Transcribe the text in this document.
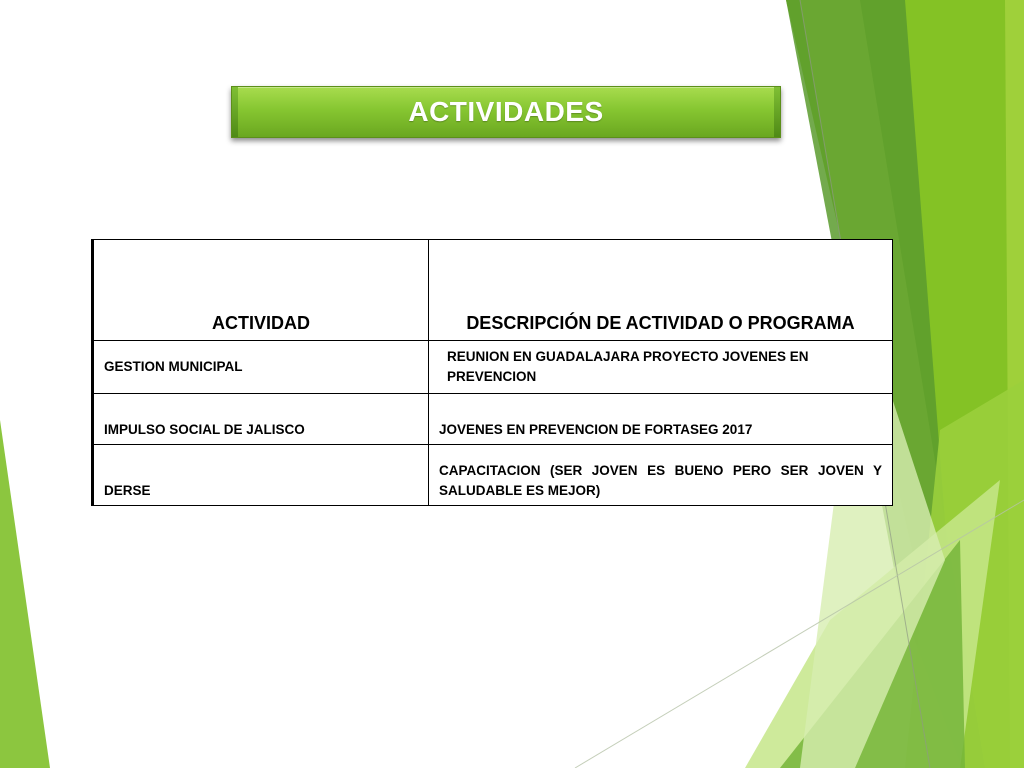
ACTIVIDADES
ACTIVIDAD	DESCRIPCIÓN DE ACTIVIDAD O PROGRAMA
GESTION MUNICIPAL	REUNION EN GUADALAJARA PROYECTO JOVENES EN PREVENCION
IMPULSO SOCIAL DE JALISCO	JOVENES EN PREVENCION DE FORTASEG 2017
DERSE	CAPACITACION (SER JOVEN ES BUENO PERO SER JOVEN Y SALUDABLE ES MEJOR)
